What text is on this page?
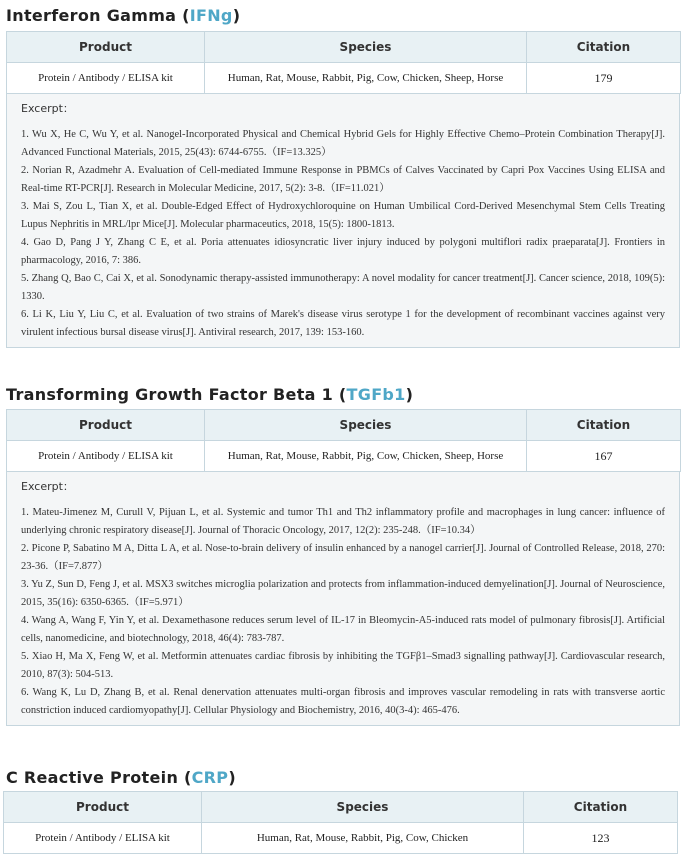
Interferon Gamma (IFNg)
Product	Species	Citation
Protein / Antibody / ELISA kit	Human, Rat, Mouse, Rabbit, Pig, Cow, Chicken, Sheep, Horse	179
Excerpt：
1. Wu X, He C, Wu Y, et al. Nanogel-Incorporated Physical and Chemical Hybrid Gels for Highly Effective Chemo–Protein Combination Therapy[J]. Advanced Functional Materials, 2015, 25(43): 6744-6755.（IF=13.325）
2. Norian R, Azadmehr A. Evaluation of Cell-mediated Immune Response in PBMCs of Calves Vaccinated by Capri Pox Vaccines Using ELISA and Real-time RT-PCR[J]. Research in Molecular Medicine, 2017, 5(2): 3-8.（IF=11.021）
3. Mai S, Zou L, Tian X, et al. Double-Edged Effect of Hydroxychloroquine on Human Umbilical Cord-Derived Mesenchymal Stem Cells Treating Lupus Nephritis in MRL/lpr Mice[J]. Molecular pharmaceutics, 2018, 15(5): 1800-1813.
4. Gao D, Pang J Y, Zhang C E, et al. Poria attenuates idiosyncratic liver injury induced by polygoni multiflori radix praeparata[J]. Frontiers in pharmacology, 2016, 7: 386.
5. Zhang Q, Bao C, Cai X, et al. Sonodynamic therapy-assisted immunotherapy: A novel modality for cancer treatment[J]. Cancer science, 2018, 109(5): 1330.
6. Li K, Liu Y, Liu C, et al. Evaluation of two strains of Marek's disease virus serotype 1 for the development of recombinant vaccines against very virulent infectious bursal disease virus[J]. Antiviral research, 2017, 139: 153-160.
Transforming Growth Factor Beta 1 (TGFb1)
Product	Species	Citation
Protein / Antibody / ELISA kit	Human, Rat, Mouse, Rabbit, Pig, Cow, Chicken, Sheep, Horse	167
Excerpt：
1. Mateu-Jimenez M, Curull V, Pijuan L, et al. Systemic and tumor Th1 and Th2 inflammatory profile and macrophages in lung cancer: influence of underlying chronic respiratory disease[J]. Journal of Thoracic Oncology, 2017, 12(2): 235-248.（IF=10.34）
2. Picone P, Sabatino M A, Ditta L A, et al. Nose-to-brain delivery of insulin enhanced by a nanogel carrier[J]. Journal of Controlled Release, 2018, 270: 23-36.（IF=7.877）
3. Yu Z, Sun D, Feng J, et al. MSX3 switches microglia polarization and protects from inflammation-induced demyelination[J]. Journal of Neuroscience, 2015, 35(16): 6350-6365.（IF=5.971）
4. Wang A, Wang F, Yin Y, et al. Dexamethasone reduces serum level of IL-17 in Bleomycin-A5-induced rats model of pulmonary fibrosis[J]. Artificial cells, nanomedicine, and biotechnology, 2018, 46(4): 783-787.
5. Xiao H, Ma X, Feng W, et al. Metformin attenuates cardiac fibrosis by inhibiting the TGFβ1–Smad3 signalling pathway[J]. Cardiovascular research, 2010, 87(3): 504-513.
6. Wang K, Lu D, Zhang B, et al. Renal denervation attenuates multi-organ fibrosis and improves vascular remodeling in rats with transverse aortic constriction induced cardiomyopathy[J]. Cellular Physiology and Biochemistry, 2016, 40(3-4): 465-476.
C Reactive Protein (CRP)
Product	Species	Citation
Protein / Antibody / ELISA kit	Human, Rat, Mouse, Rabbit, Pig, Cow, Chicken	123
